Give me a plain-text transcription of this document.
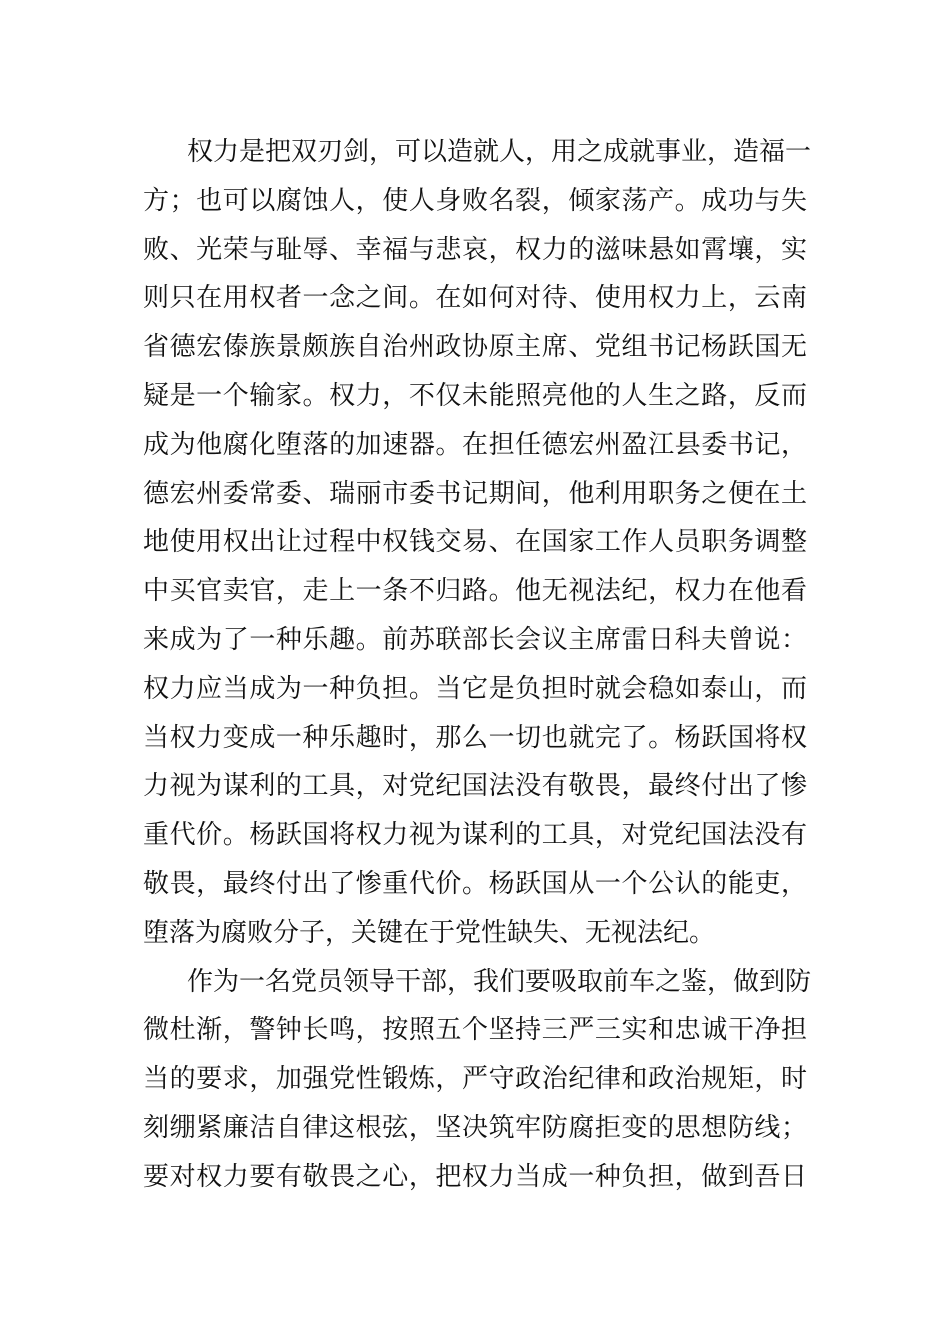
权力是把双刃剑，可以造就人，用之成就事业，造福一
方；也可以腐蚀人，使人身败名裂，倾家荡产。成功与失
败、光荣与耻辱、幸福与悲哀，权力的滋味悬如霄壤，实
则只在用权者一念之间。在如何对待、使用权力上，云南
省德宏傣族景颇族自治州政协原主席、党组书记杨跃国无
疑是一个输家。权力，不仅未能照亮他的人生之路，反而
成为他腐化堕落的加速器。在担任德宏州盈江县委书记，
德宏州委常委、瑞丽市委书记期间，他利用职务之便在土
地使用权出让过程中权钱交易、在国家工作人员职务调整
中买官卖官，走上一条不归路。他无视法纪，权力在他看
来成为了一种乐趣。前苏联部长会议主席雷日科夫曾说：
权力应当成为一种负担。当它是负担时就会稳如泰山，而
当权力变成一种乐趣时，那么一切也就完了。杨跃国将权
力视为谋利的工具，对党纪国法没有敬畏，最终付出了惨
重代价。杨跃国将权力视为谋利的工具，对党纪国法没有
敬畏，最终付出了惨重代价。杨跃国从一个公认的能吏，
堕落为腐败分子，关键在于党性缺失、无视法纪。
作为一名党员领导干部，我们要吸取前车之鉴，做到防
微杜渐，警钟长鸣，按照五个坚持三严三实和忠诚干净担
当的要求，加强党性锻炼，严守政治纪律和政治规矩，时
刻绷紧廉洁自律这根弦，坚决筑牢防腐拒变的思想防线；
要对权力要有敬畏之心，把权力当成一种负担，做到吾日
